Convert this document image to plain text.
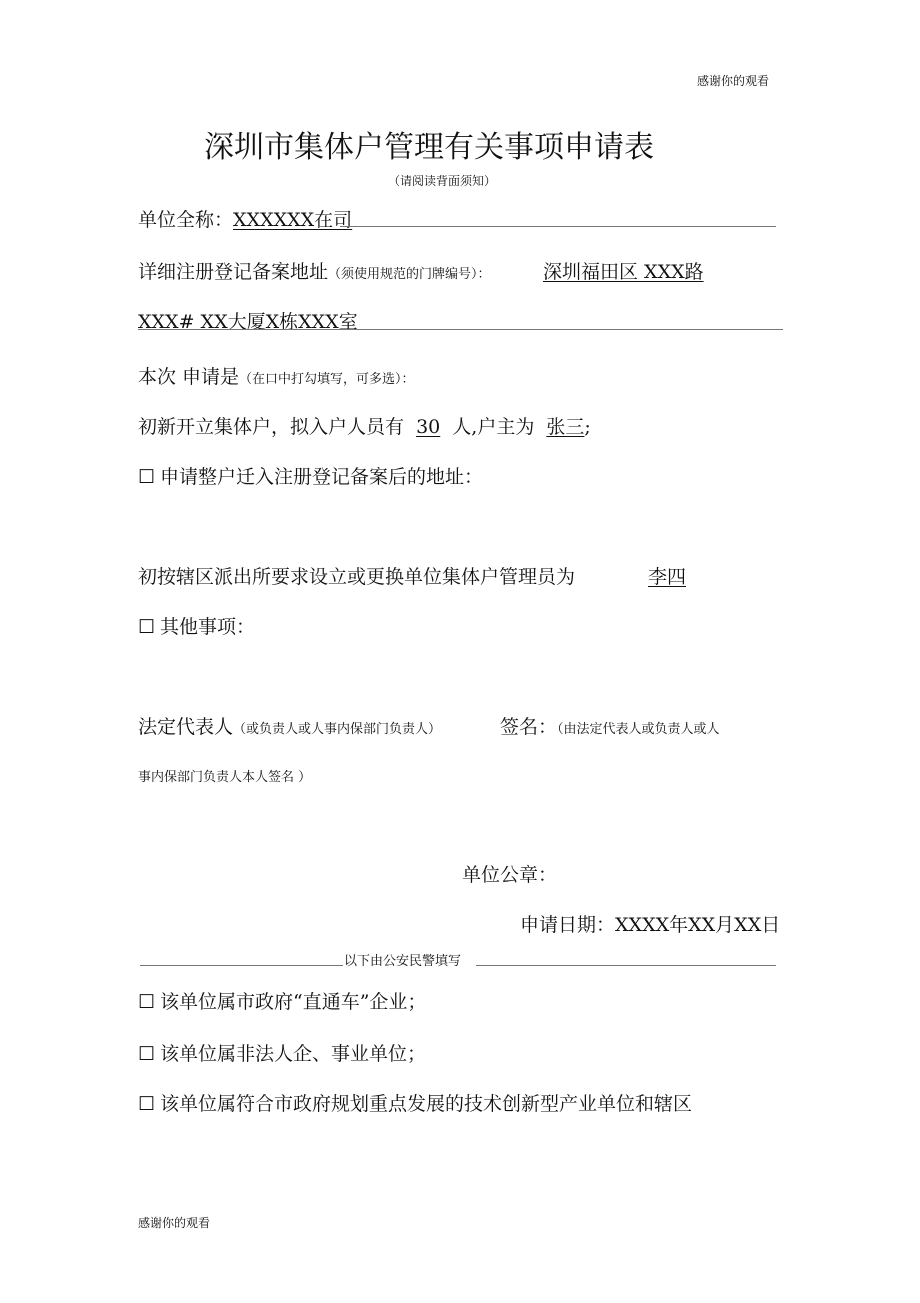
感谢你的观看
深圳市集体户管理有关事项申请表
（请阅读背面须知）
单位全称：XXXXXX在司
详细注册登记备案地址（须使用规范的门牌编号）：	深圳福田区 XXX路
XXX# XX大厦X栋XXX室
本次 申请是（在口中打勾填写，可多选）：
初新开立集体户，拟入户人员有 30 人,户主为 张三;
☐ 申请整户迁入注册登记备案后的地址：
初按辖区派出所要求设立或更换单位集体户管理员为	李四
☐ 其他事项：
法定代表人（或负责人或人事内保部门负责人）	签名：（由法定代表人或负责人或人
事内保部门负责人本人签名 ）
单位公章：
申请日期：XXXX年XX月XX日
以下由公安民警填写
☐ 该单位属市政府“直通车”企业；
☐ 该单位属非法人企、事业单位；
☐ 该单位属符合市政府规划重点发展的技术创新型产业单位和辖区
感谢你的观看
